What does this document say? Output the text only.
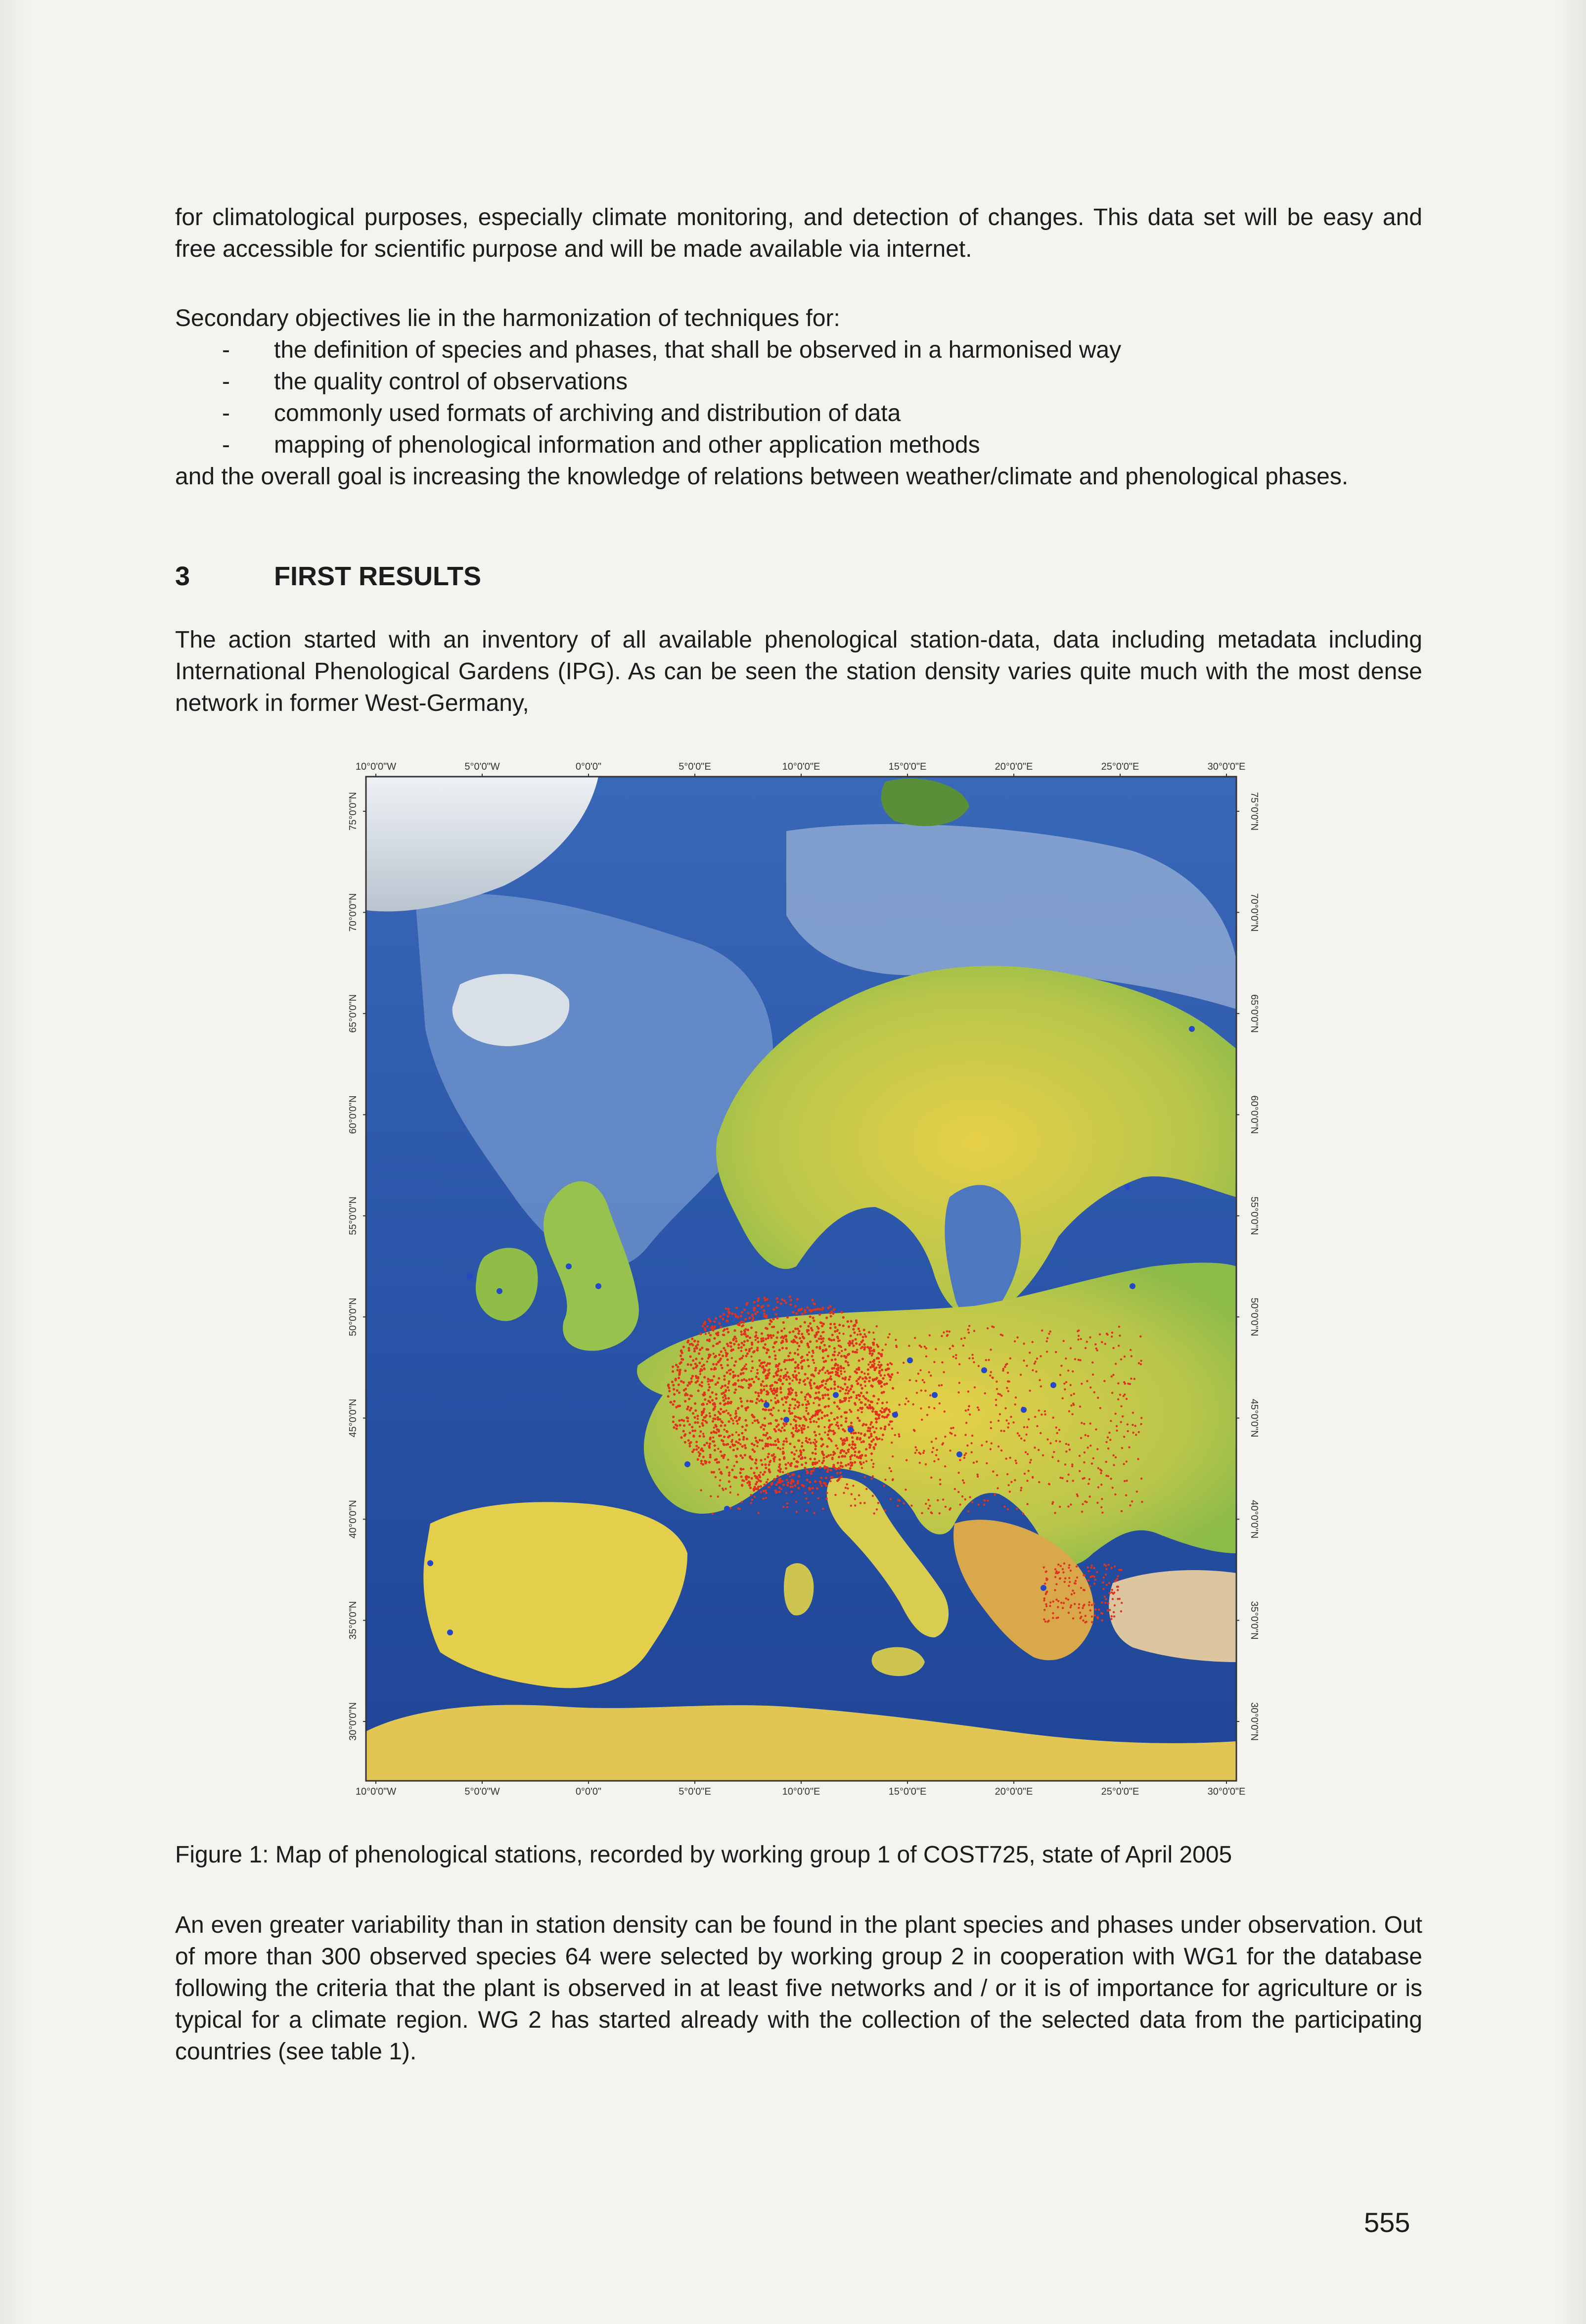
for climatological purposes, especially climate monitoring, and detection of changes. This data set will be easy and free accessible for scientific purpose and will be made available via internet.

Secondary objectives lie in the harmonization of techniques for:

- the definition of species and phases, that shall be observed in a harmonised way
- the quality control of observations
- commonly used formats of archiving and distribution of data
- mapping of phenological information and other application methods

and the overall goal is increasing the knowledge of relations between weather/climate and phenological phases.

3	FIRST RESULTS

The action started with an inventory of all available phenological station-data, data including metadata including International Phenological Gardens (IPG). As can be seen the station density varies quite much with the most dense network in former West-Germany,

10°0'0"W	5°0'0"W	0°0'0"	5°0'0"E	10°0'0"E	15°0'0"E	20°0'0"E	25°0'0"E	30°0'0"E
10°0'0"W	5°0'0"W	0°0'0"	5°0'0"E	10°0'0"E	15°0'0"E	20°0'0"E	25°0'0"E	30°0'0"E
75°0'0"N
70°0'0"N
65°0'0"N
60°0'0"N
55°0'0"N
50°0'0"N
45°0'0"N
40°0'0"N
35°0'0"N
30°0'0"N
75°0'0"N
70°0'0"N
65°0'0"N
60°0'0"N
55°0'0"N
50°0'0"N
45°0'0"N
40°0'0"N
35°0'0"N
30°0'0"N

Figure 1: Map of phenological stations, recorded by working group 1 of COST725, state of April 2005

An even greater variability than in station density can be found in the plant species and phases under observation. Out of more than 300 observed species 64 were selected by working group 2 in cooperation with WG1 for the database following the criteria that the plant is observed in at least five networks and / or it is of importance for agriculture or is typical for a climate region. WG 2 has started already with the collection of the selected data from the participating countries (see table 1).

555
